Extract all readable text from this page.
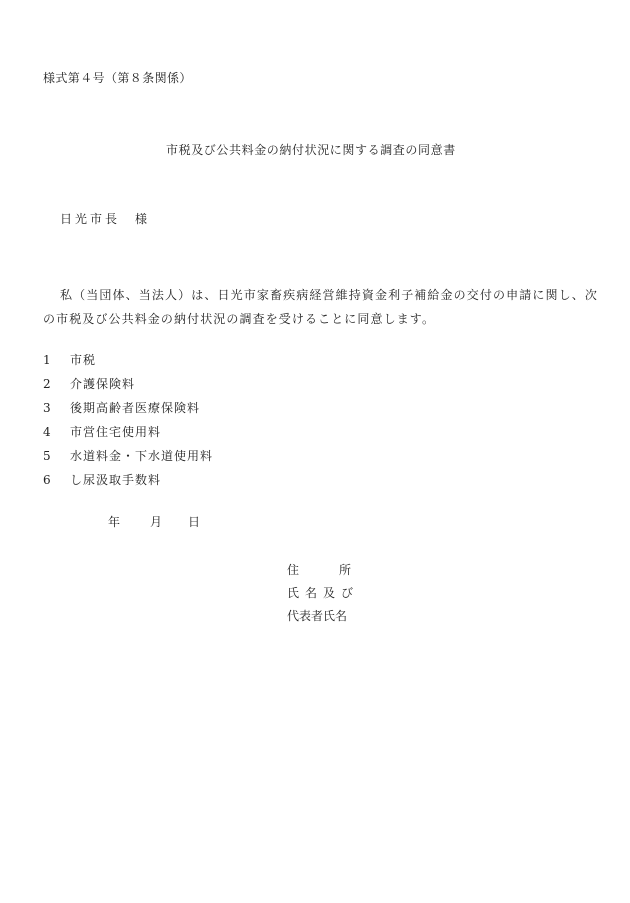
様式第４号（第８条関係）
市税及び公共料金の納付状況に関する調査の同意書
日光市長　様
私（当団体、当法人）は、日光市家畜疾病経営維持資金利子補給金の交付の申請に関し、次の市税及び公共料金の納付状況の調査を受けることに同意します。
1 市税
2 介護保険料
3 後期高齢者医療保険料
4 市営住宅使用料
5 水道料金・下水道使用料
6 し尿汲取手数料
年 月 日
住	所
氏 名 及 び
代表者氏名
